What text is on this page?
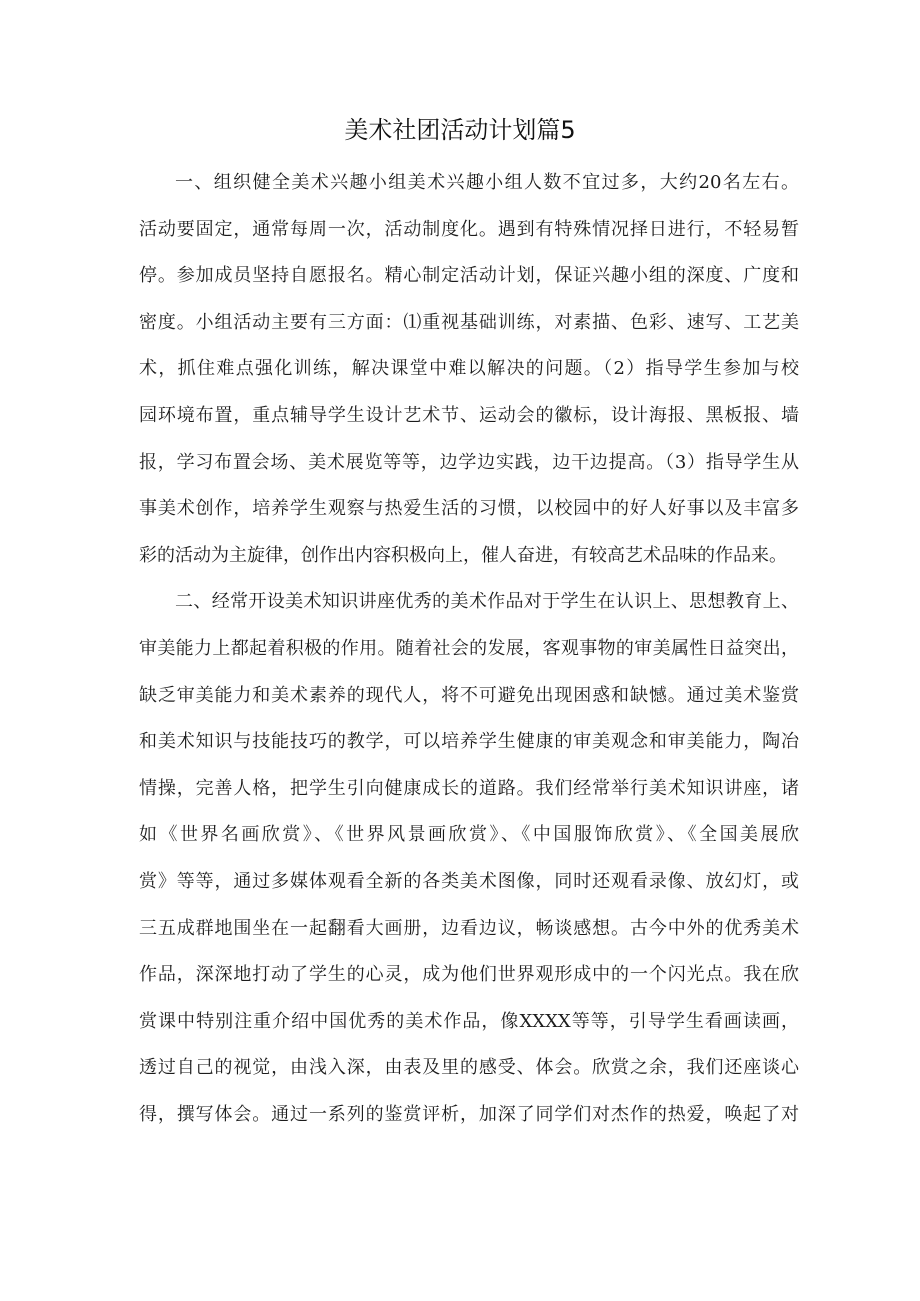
美术社团活动计划篇5
一、组织健全美术兴趣小组美术兴趣小组人数不宜过多，大约20名左右。
活动要固定，通常每周一次，活动制度化。遇到有特殊情况择日进行，不轻易暂
停。参加成员坚持自愿报名。精心制定活动计划，保证兴趣小组的深度、广度和
密度。小组活动主要有三方面：⑴重视基础训练，对素描、色彩、速写、工艺美
术，抓住难点强化训练，解决课堂中难以解决的问题。（2）指导学生参加与校
园环境布置，重点辅导学生设计艺术节、运动会的徽标，设计海报、黑板报、墙
报，学习布置会场、美术展览等等，边学边实践，边干边提高。（3）指导学生从
事美术创作，培养学生观察与热爱生活的习惯，以校园中的好人好事以及丰富多
彩的活动为主旋律，创作出内容积极向上，催人奋进，有较高艺术品味的作品来。
二、经常开设美术知识讲座优秀的美术作品对于学生在认识上、思想教育上、
审美能力上都起着积极的作用。随着社会的发展，客观事物的审美属性日益突出，
缺乏审美能力和美术素养的现代人，将不可避免出现困惑和缺憾。通过美术鉴赏
和美术知识与技能技巧的教学，可以培养学生健康的审美观念和审美能力，陶冶
情操，完善人格，把学生引向健康成长的道路。我们经常举行美术知识讲座，诸
如《世界名画欣赏》、《世界风景画欣赏》、《中国服饰欣赏》、《全国美展欣
赏》等等，通过多媒体观看全新的各类美术图像，同时还观看录像、放幻灯，或
三五成群地围坐在一起翻看大画册，边看边议，畅谈感想。古今中外的优秀美术
作品，深深地打动了学生的心灵，成为他们世界观形成中的一个闪光点。我在欣
赏课中特别注重介绍中国优秀的美术作品，像XXXX等等，引导学生看画读画，
透过自己的视觉，由浅入深，由表及里的感受、体会。欣赏之余，我们还座谈心
得，撰写体会。通过一系列的鉴赏评析，加深了同学们对杰作的热爱，唤起了对
